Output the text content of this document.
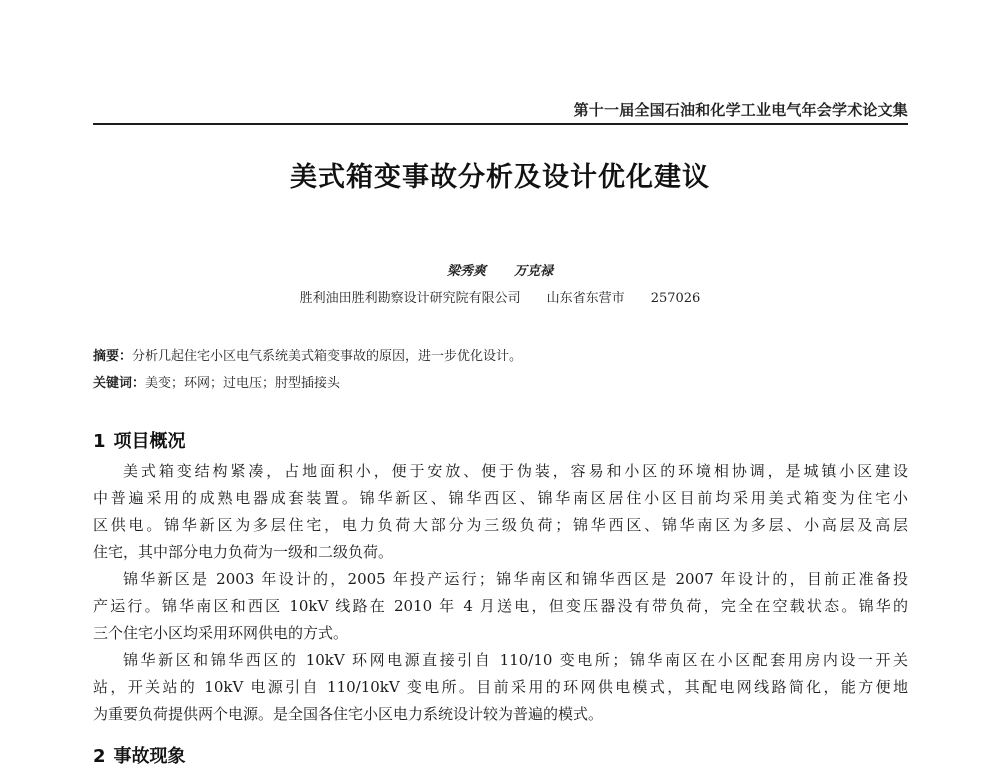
第十一届全国石油和化学工业电气年会学术论文集
美式箱变事故分析及设计优化建议
梁秀爽 万克禄
胜利油田胜利勘察设计研究院有限公司 山东省东营市 257026
摘要：分析几起住宅小区电气系统美式箱变事故的原因，进一步优化设计。
关键词：美变；环网；过电压；肘型插接头
1 项目概况
美式箱变结构紧凑，占地面积小，便于安放、便于伪装，容易和小区的环境相协调，是城镇小区建设
中普遍采用的成熟电器成套装置。锦华新区、锦华西区、锦华南区居住小区目前均采用美式箱变为住宅小
区供电。锦华新区为多层住宅，电力负荷大部分为三级负荷；锦华西区、锦华南区为多层、小高层及高层
住宅，其中部分电力负荷为一级和二级负荷。
锦华新区是 2003 年设计的，2005 年投产运行；锦华南区和锦华西区是 2007 年设计的，目前正准备投
产运行。锦华南区和西区 10kV 线路在 2010 年 4 月送电，但变压器没有带负荷，完全在空载状态。锦华的
三个住宅小区均采用环网供电的方式。
锦华新区和锦华西区的 10kV 环网电源直接引自 110/10 变电所；锦华南区在小区配套用房内设一开关
站，开关站的 10kV 电源引自 110/10kV 变电所。目前采用的环网供电模式，其配电网线路简化，能方便地
为重要负荷提供两个电源。是全国各住宅小区电力系统设计较为普遍的模式。
2 事故现象
